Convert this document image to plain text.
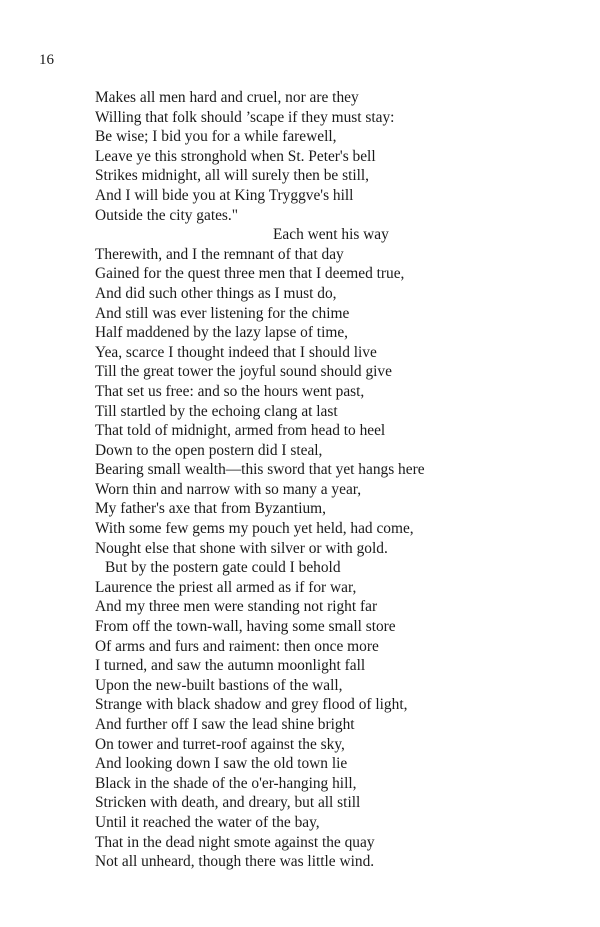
16
Makes all men hard and cruel, nor are they
Willing that folk should ’scape if they must stay:
Be wise; I bid you for a while farewell,
Leave ye this stronghold when St. Peter's bell
Strikes midnight, all will surely then be still,
And I will bide you at King Tryggve's hill
Outside the city gates."
Each went his way
Therewith, and I the remnant of that day
Gained for the quest three men that I deemed true,
And did such other things as I must do,
And still was ever listening for the chime
Half maddened by the lazy lapse of time,
Yea, scarce I thought indeed that I should live
Till the great tower the joyful sound should give
That set us free: and so the hours went past,
Till startled by the echoing clang at last
That told of midnight, armed from head to heel
Down to the open postern did I steal,
Bearing small wealth—this sword that yet hangs here
Worn thin and narrow with so many a year,
My father's axe that from Byzantium,
With some few gems my pouch yet held, had come,
Nought else that shone with silver or with gold.
But by the postern gate could I behold
Laurence the priest all armed as if for war,
And my three men were standing not right far
From off the town-wall, having some small store
Of arms and furs and raiment: then once more
I turned, and saw the autumn moonlight fall
Upon the new-built bastions of the wall,
Strange with black shadow and grey flood of light,
And further off I saw the lead shine bright
On tower and turret-roof against the sky,
And looking down I saw the old town lie
Black in the shade of the o'er-hanging hill,
Stricken with death, and dreary, but all still
Until it reached the water of the bay,
That in the dead night smote against the quay
Not all unheard, though there was little wind.
